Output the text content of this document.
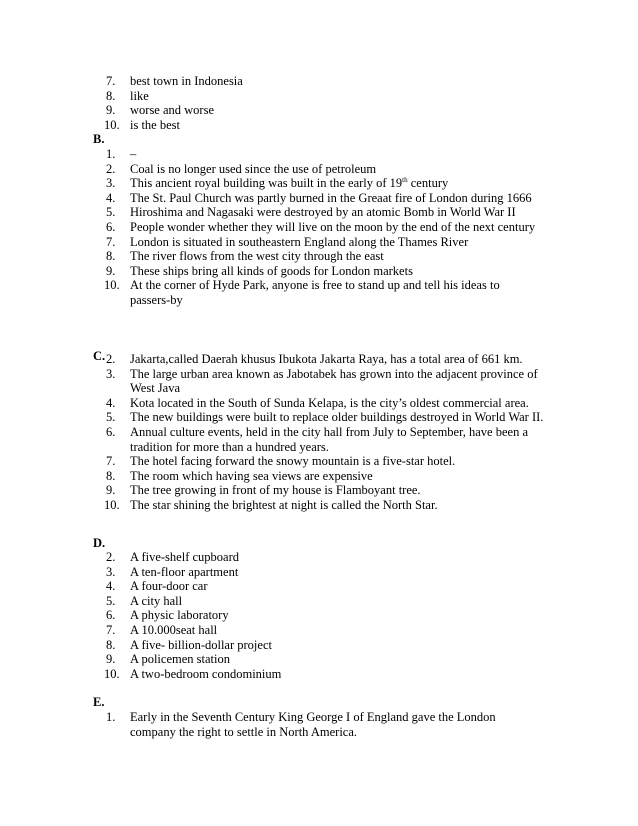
7. best town in Indonesia
8. like
9. worse and worse
10. is the best
B.
1. –
2. Coal is no longer used since the use of petroleum
3. This ancient royal building was built in the early of 19th century
4. The St. Paul Church was partly burned in the Greaat fire of London during 1666
5. Hiroshima and Nagasaki were destroyed by an atomic Bomb in World War II
6. People wonder whether they will live on the moon by the end of the next century
7. London is situated in southeastern England along the Thames River
8. The river flows from the west city through the east
9. These ships bring all kinds of goods for London markets
10. At the corner of Hyde Park, anyone is free to stand up and tell his ideas to passers-by
C. 2. Jakarta,called Daerah khusus Ibukota Jakarta Raya, has a total area of 661 km.
3. The large urban area known as Jabotabek has grown into the adjacent province of West Java
4. Kota located in the South of Sunda Kelapa, is the city’s oldest commercial area.
5. The new buildings were built to replace older buildings destroyed in World War II.
6. Annual culture events, held in the city hall from July to September, have been a tradition for more than a hundred years.
7. The hotel facing forward the snowy mountain is a five-star hotel.
8. The room which having sea views are expensive
9. The tree growing in front of my house is Flamboyant tree.
10. The star shining the brightest at night is called the North Star.
D.
2. A five-shelf cupboard
3. A ten-floor apartment
4. A four-door car
5. A city hall
6. A physic laboratory
7. A 10.000seat hall
8. A five- billion-dollar project
9. A policemen station
10. A two-bedroom condominium
E.
1. Early in the Seventh Century King George I of England gave the London company the right to settle in North America.
